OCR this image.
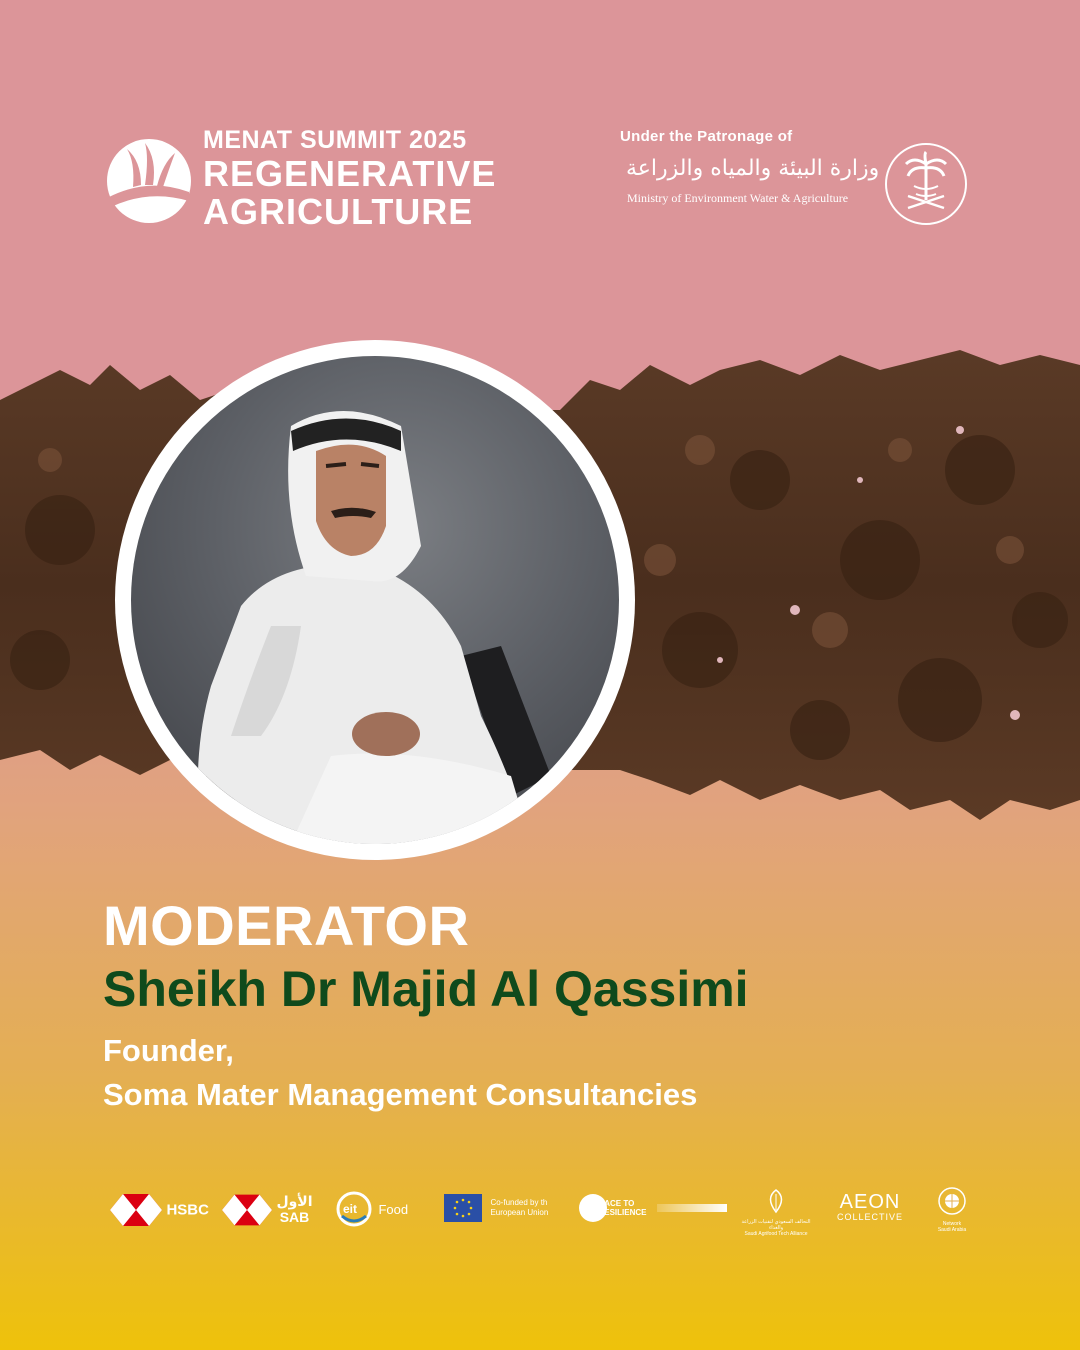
MENAT SUMMIT 2025
REGENERATIVE
AGRICULTURE
Under the Patronage of
وزارة البيئة والمياه والزراعة
Ministry of Environment Water & Agriculture
MODERATOR
Sheikh Dr Majid Al Qassimi
Founder,
Soma Mater Management Consultancies
HSBC
	الأول
SAB
	eit Food
	Co-funded by th
European Union

RACE TO
RESILIENCE

التحالف السعودي لتقنيات الزراعة والغذاء
Saudi Agrifood Tech Alliance
AEON
COLLECTIVE
Network
Saudi Arabia
